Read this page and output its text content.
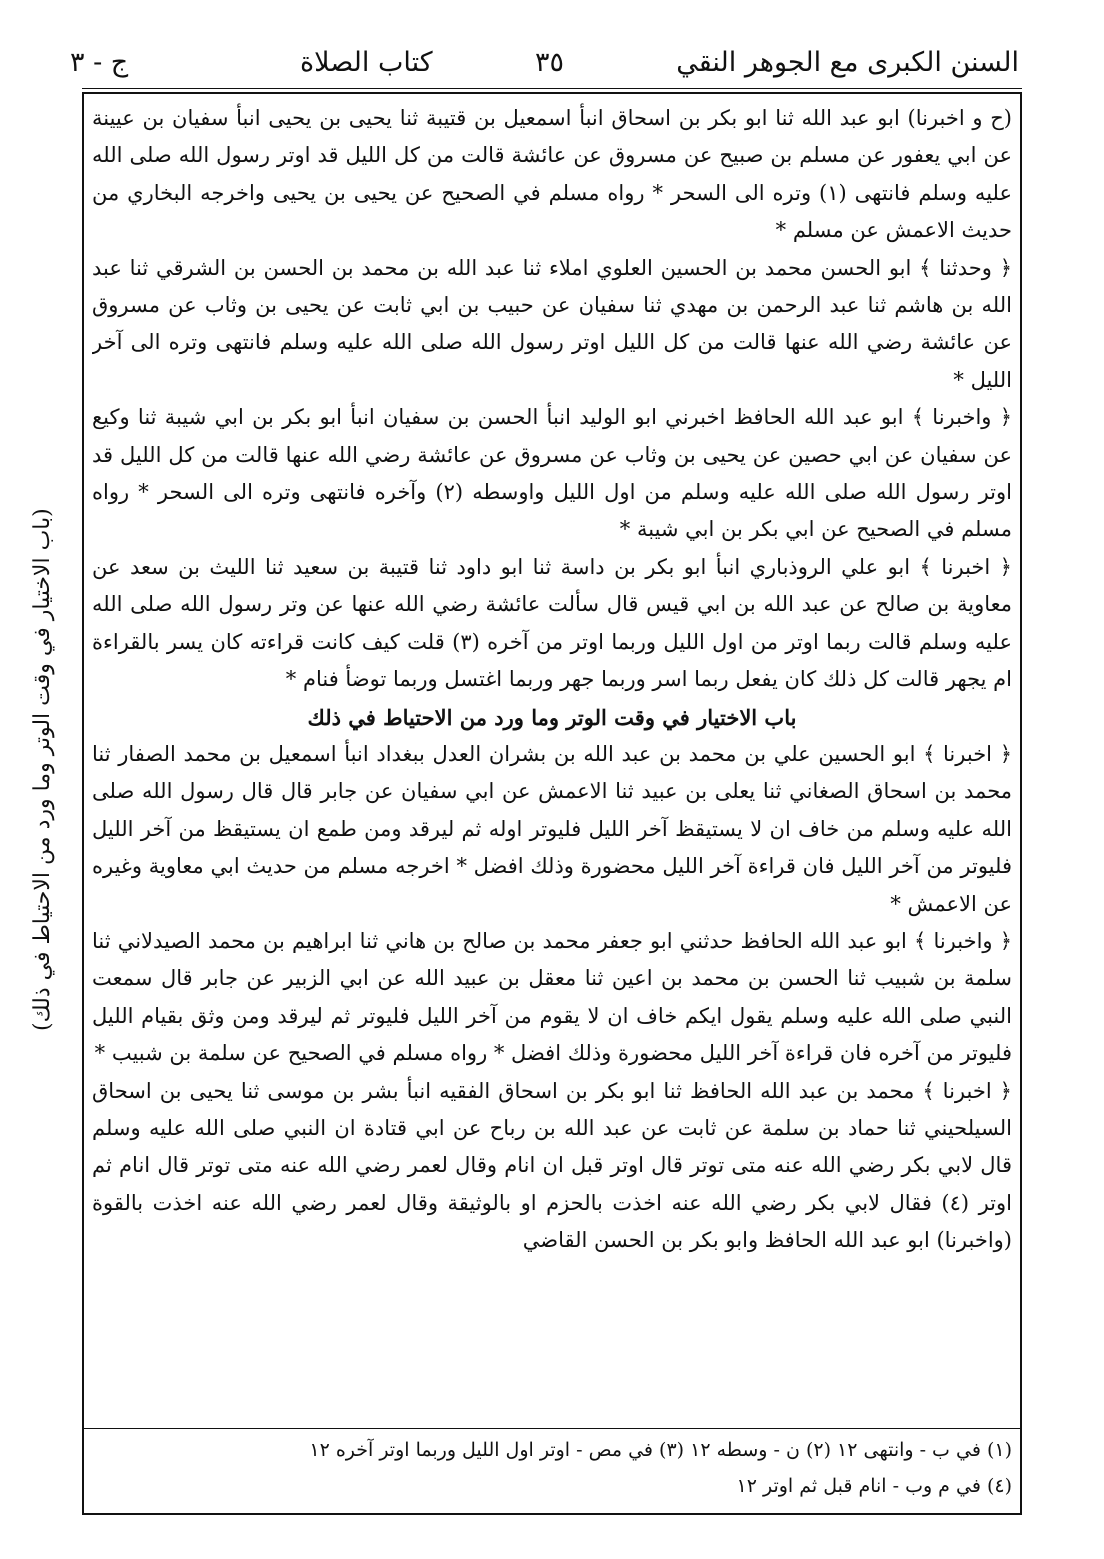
السنن الكبرى مع الجوهر النقي
٣٥
كتاب الصلاة
ج - ٣
(باب الاختيار في وقت الوتر وما ورد من الاحتياط في ذلك)

(ح و اخبرنا) ابو عبد الله ثنا ابو بكر بن اسحاق انبأ اسمعيل بن قتيبة ثنا يحيى بن يحيى انبأ سفيان بن عيينة عن ابي يعفور عن مسلم بن صبيح عن مسروق عن عائشة قالت من كل الليل قد اوتر رسول الله صلى الله عليه وسلم فانتهى (١) وتره الى السحر * رواه مسلم في الصحيح عن يحيى بن يحيى واخرجه البخاري من حديث الاعمش عن مسلم *

﴿ وحدثنا ﴾ ابو الحسن محمد بن الحسين العلوي املاء ثنا عبد الله بن محمد بن الحسن بن الشرقي ثنا عبد الله بن هاشم ثنا عبد الرحمن بن مهدي ثنا سفيان عن حبيب بن ابي ثابت عن يحيى بن وثاب عن مسروق عن عائشة رضي الله عنها قالت من كل الليل اوتر رسول الله صلى الله عليه وسلم فانتهى وتره الى آخر الليل *

﴿ واخبرنا ﴾ ابو عبد الله الحافظ اخبرني ابو الوليد انبأ الحسن بن سفيان انبأ ابو بكر بن ابي شيبة ثنا وكيع عن سفيان عن ابي حصين عن يحيى بن وثاب عن مسروق عن عائشة رضي الله عنها قالت من كل الليل قد اوتر رسول الله صلى الله عليه وسلم من اول الليل واوسطه (٢) وآخره فانتهى وتره الى السحر * رواه مسلم في الصحيح عن ابي بكر بن ابي شيبة *

﴿ اخبرنا ﴾ ابو علي الروذباري انبأ ابو بكر بن داسة ثنا ابو داود ثنا قتيبة بن سعيد ثنا الليث بن سعد عن معاوية بن صالح عن عبد الله بن ابي قيس قال سألت عائشة رضي الله عنها عن وتر رسول الله صلى الله عليه وسلم قالت ربما اوتر من اول الليل وربما اوتر من آخره (٣) قلت كيف كانت قراءته كان يسر بالقراءة ام يجهر قالت كل ذلك كان يفعل ربما اسر وربما جهر وربما اغتسل وربما توضأ فنام *

باب الاختيار في وقت الوتر وما ورد من الاحتياط في ذلك

﴿ اخبرنا ﴾ ابو الحسين علي بن محمد بن عبد الله بن بشران العدل ببغداد انبأ اسمعيل بن محمد الصفار ثنا محمد بن اسحاق الصغاني ثنا يعلى بن عبيد ثنا الاعمش عن ابي سفيان عن جابر قال قال رسول الله صلى الله عليه وسلم من خاف ان لا يستيقظ آخر الليل فليوتر اوله ثم ليرقد ومن طمع ان يستيقظ من آخر الليل فليوتر من آخر الليل فان قراءة آخر الليل محضورة وذلك افضل * اخرجه مسلم من حديث ابي معاوية وغيره عن الاعمش *

﴿ واخبرنا ﴾ ابو عبد الله الحافظ حدثني ابو جعفر محمد بن صالح بن هاني ثنا ابراهيم بن محمد الصيدلاني ثنا سلمة بن شبيب ثنا الحسن بن محمد بن اعين ثنا معقل بن عبيد الله عن ابي الزبير عن جابر قال سمعت النبي صلى الله عليه وسلم يقول ايكم خاف ان لا يقوم من آخر الليل فليوتر ثم ليرقد ومن وثق بقيام الليل فليوتر من آخره فان قراءة آخر الليل محضورة وذلك افضل * رواه مسلم في الصحيح عن سلمة بن شبيب *

﴿ اخبرنا ﴾ محمد بن عبد الله الحافظ ثنا ابو بكر بن اسحاق الفقيه انبأ بشر بن موسى ثنا يحيى بن اسحاق السيلحيني ثنا حماد بن سلمة عن ثابت عن عبد الله بن رباح عن ابي قتادة ان النبي صلى الله عليه وسلم قال لابي بكر رضي الله عنه متى توتر قال اوتر قبل ان انام وقال لعمر رضي الله عنه متى توتر قال انام ثم اوتر (٤) فقال لابي بكر رضي الله عنه اخذت بالحزم او بالوثيقة وقال لعمر رضي الله عنه اخذت بالقوة (واخبرنا) ابو عبد الله الحافظ وابو بكر بن الحسن القاضي

(١) في ب - وانتهى ١٢ (٢) ن - وسطه ١٢ (٣) في مص - اوتر اول الليل وربما اوتر آخره ١٢
(٤) في م وب - انام قبل ثم اوتر ١٢
